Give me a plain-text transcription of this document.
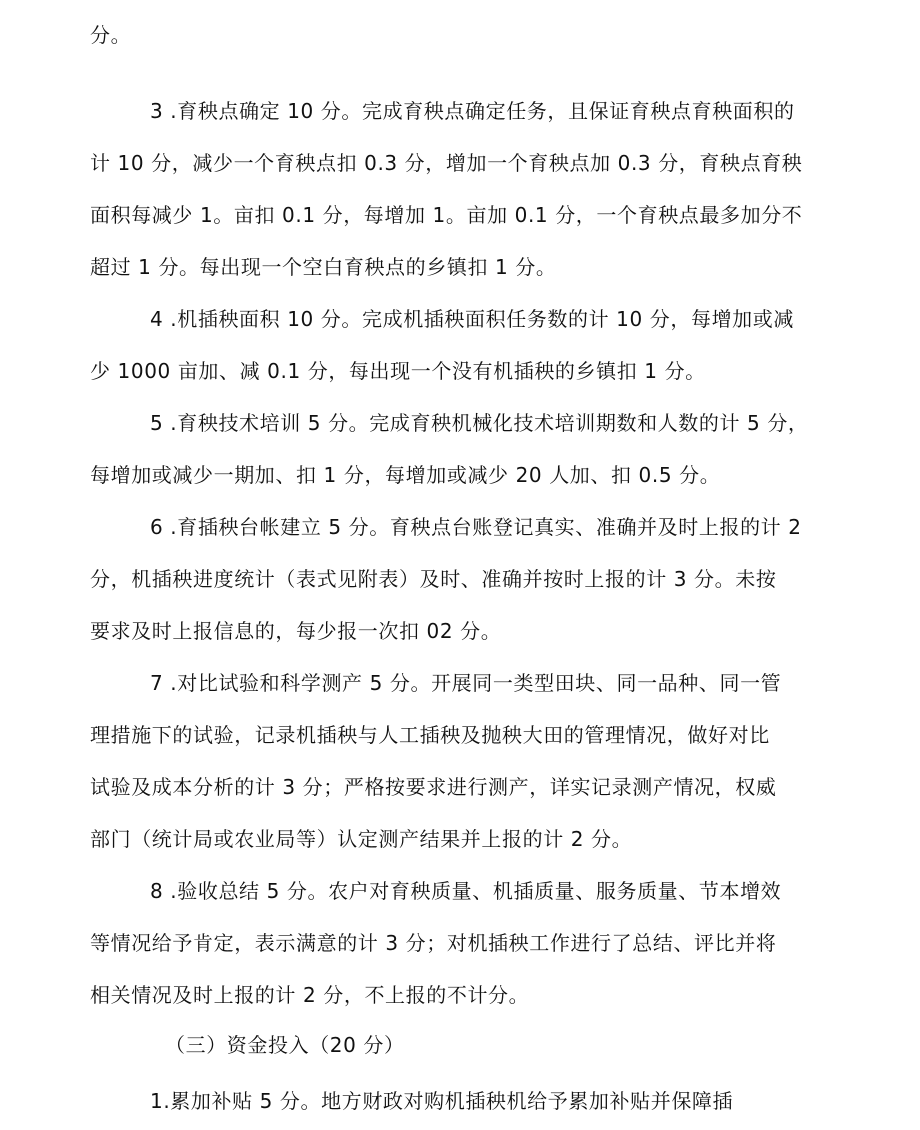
分。
3 .育秧点确定 10 分。完成育秧点确定任务，且保证育秧点育秧面积的
计 10 分，减少一个育秧点扣 0.3 分，增加一个育秧点加 0.3 分，育秧点育秧
面积每减少 1。亩扣 0.1 分，每增加 1。亩加 0.1 分，一个育秧点最多加分不
超过 1 分。每出现一个空白育秧点的乡镇扣 1 分。
4 .机插秧面积 10 分。完成机插秧面积任务数的计 10 分，每增加或减
少 1000 亩加、减 0.1 分，每出现一个没有机插秧的乡镇扣 1 分。
5 .育秧技术培训 5 分。完成育秧机械化技术培训期数和人数的计 5 分，
每增加或减少一期加、扣 1 分，每增加或减少 20 人加、扣 0.5 分。
6 .育插秧台帐建立 5 分。育秧点台账登记真实、准确并及时上报的计 2
分，机插秧进度统计（表式见附表）及时、准确并按时上报的计 3 分。未按
要求及时上报信息的，每少报一次扣 02 分。
7 .对比试验和科学测产 5 分。开展同一类型田块、同一品种、同一管
理措施下的试验，记录机插秧与人工插秧及抛秧大田的管理情况，做好对比
试验及成本分析的计 3 分；严格按要求进行测产，详实记录测产情况，权威
部门（统计局或农业局等）认定测产结果并上报的计 2 分。
8 .验收总结 5 分。农户对育秧质量、机插质量、服务质量、节本增效
等情况给予肯定，表示满意的计 3 分；对机插秧工作进行了总结、评比并将
相关情况及时上报的计 2 分，不上报的不计分。
（三）资金投入（20 分）
1.累加补贴 5 分。地方财政对购机插秧机给予累加补贴并保障插
